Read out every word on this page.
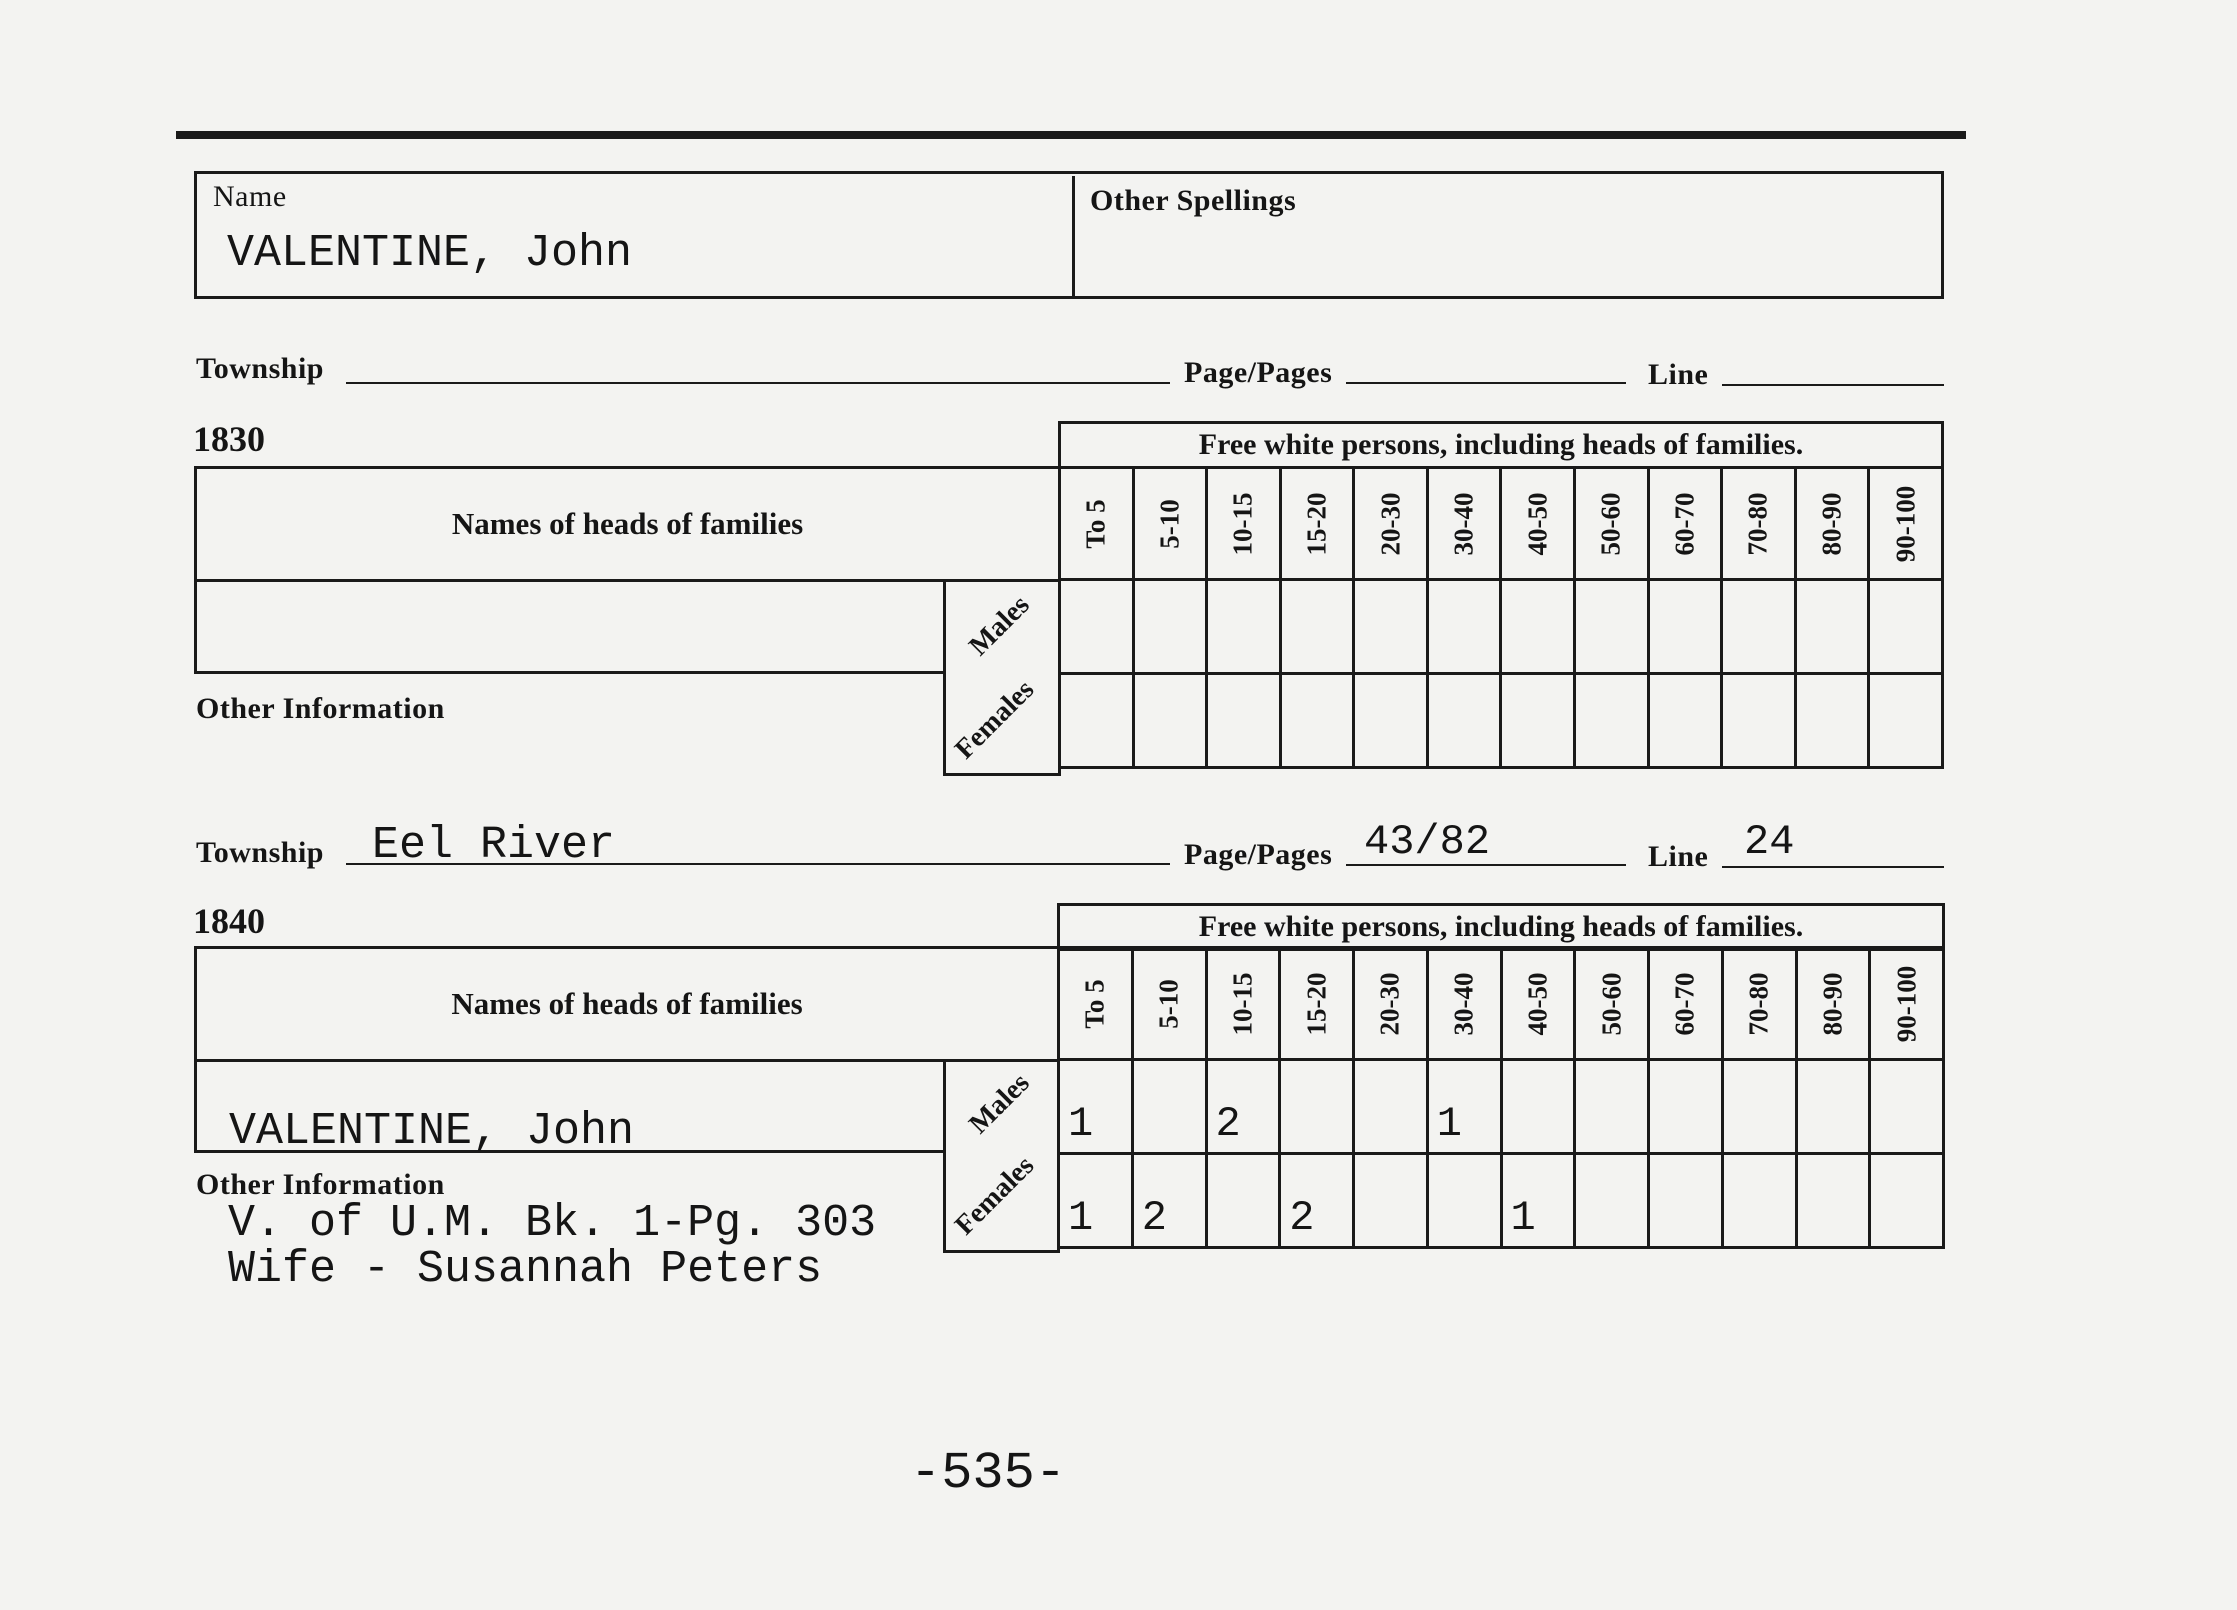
Name
VALENTINE, John
Other Spellings
Township	Page/Pages	Line
1830	Free white persons, including heads of families.
Names of heads of families
Males
Females
Other Information
To 5	5-10	10-15	15-20	20-30	30-40	40-50	50-60	60-70	70-80	80-90	90-100

Township Eel River	Page/Pages 43/82	Line 24
1840	Free white persons, including heads of families.
Names of heads of families
VALENTINE, John	Males
Females
Other Information
V. of U.M. Bk. 1-Pg. 303
Wife - Susannah Peters
To 5	5-10	10-15	15-20	20-30	30-40	40-50	50-60	60-70	70-80	80-90	90-100

1		2			1						

1	2		2			1					

-535-
